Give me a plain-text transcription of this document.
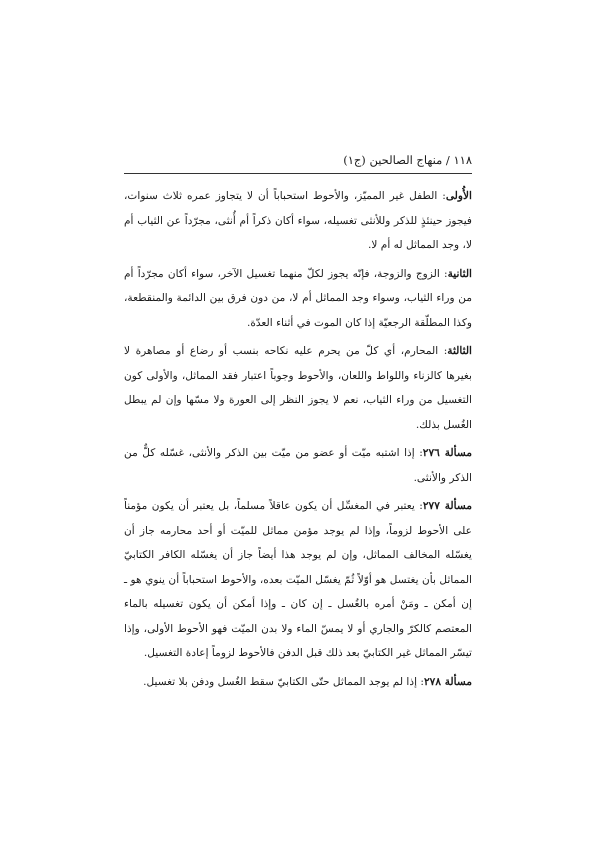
١١٨ / منهاج الصالحين (ج١)

الأُولى: الطفل غير المميّز، والأحوط استحباباً أن لا يتجاوز عمره ثلاث سنوات، فيجوز حينئذٍ للذكر وللأنثى تغسيله، سواء أكان ذكراً أم أُنثى، مجرّداً عن الثياب أم لا، وجد المماثل له أم لا.

الثانية: الزوج والزوجة، فإنّه يجوز لكلّ منهما تغسيل الآخر، سواء أكان مجرّداً أم من وراء الثياب، وسواء وجد المماثل أم لا، من دون فرق بين الدائمة والمنقطعة، وكذا المطلّقة الرجعيّة إذا كان الموت في أثناء العدّة.

الثالثة: المحارم، أي كلّ من يحرم عليه نكاحه بنسب أو رضاع أو مصاهرة لا بغيرها كالزناء واللواط واللعان، والأحوط وجوباً اعتبار فقد المماثل، والأولى كون التغسيل من وراء الثياب، نعم لا يجوز النظر إلى العورة ولا مسّها وإن لم يبطل الغُسل بذلك.

مسألة ٢٧٦: إذا اشتبه ميّت أو عضو من ميّت بين الذكر والأنثى، غسّله كلٌّ من الذكر والأنثى.

مسألة ٢٧٧: يعتبر في المغسِّل أن يكون عاقلاً مسلماً، بل يعتبر أن يكون مؤمناً على الأحوط لزوماً، وإذا لم يوجد مؤمن مماثل للميّت أو أحد محارمه جاز أن يغسّله المخالف المماثل، وإن لم يوجد هذا أيضاً جاز أن يغسّله الكافر الكتابيّ المماثل بأن يغتسل هو أوّلاً ثُمّ يغسّل الميّت بعده، والأحوط استحباباً أن ينوي هو ـ إن أمكن ـ ومَنْ أمره بالغُسل ـ إن كان ـ وإذا أمكن أن يكون تغسيله بالماء المعتصم كالكرّ والجاري أو لا يمسّ الماء ولا بدن الميّت فهو الأحوط الأولى، وإذا تيسّر المماثل غير الكتابيّ بعد ذلك قبل الدفن فالأحوط لزوماً إعادة التغسيل.

مسألة ٢٧٨: إذا لم يوجد المماثل حتّى الكتابيّ سقط الغُسل ودفن بلا تغسيل.
